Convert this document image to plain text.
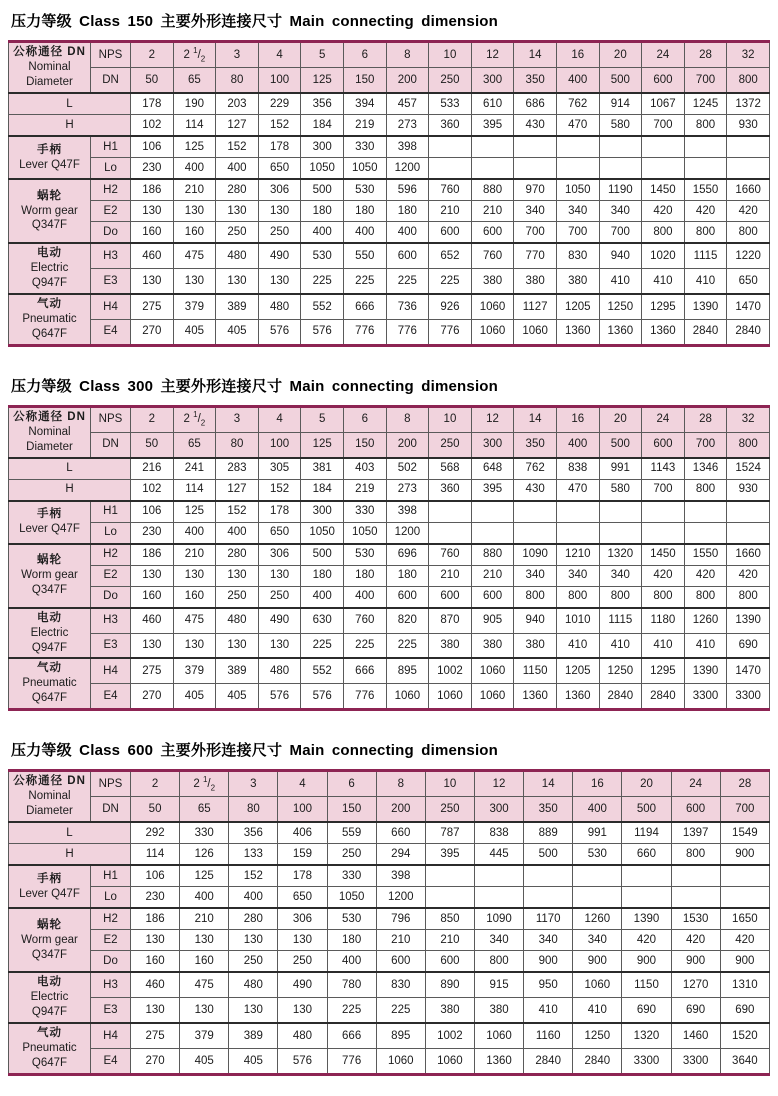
压力等级 Class 150 主要外形连接尺寸 Main connecting dimension
公称通径 DN
Nominal
Diameter	NPS	2	2 $^1/_2$	3	4	5	6	8	10	12	14	16	20	24	28	32
	DN	50	65	80	100	125	150	200	250	300	350	400	500	600	700	800
L		178	190	203	229	356	394	457	533	610	686	762	914	1067	1245	1372
H		102	114	127	152	184	219	273	360	395	430	470	580	700	800	930
手柄
Lever Q47F	H1	106	125	152	178	300	330	398								
	Lo	230	400	400	650	1050	1050	1200								
蜗轮
Worm gear
Q347F	H2	186	210	280	306	500	530	596	760	880	970	1050	1190	1450	1550	1660
	E2	130	130	130	130	180	180	180	210	210	340	340	340	420	420	420
	Do	160	160	250	250	400	400	400	600	600	700	700	700	800	800	800
电动
Electric
Q947F	H3	460	475	480	490	530	550	600	652	760	770	830	940	1020	1115	1220
	E3	130	130	130	130	225	225	225	225	380	380	380	410	410	410	650
气动
Pneumatic
Q647F	H4	275	379	389	480	552	666	736	926	1060	1127	1205	1250	1295	1390	1470
	E4	270	405	405	576	576	776	776	776	1060	1060	1360	1360	1360	2840	2840
压力等级 Class 300 主要外形连接尺寸 Main connecting dimension
公称通径 DN
Nominal
Diameter	NPS	2	2 $^1/_2$	3	4	5	6	8	10	12	14	16	20	24	28	32
	DN	50	65	80	100	125	150	200	250	300	350	400	500	600	700	800
L		216	241	283	305	381	403	502	568	648	762	838	991	1143	1346	1524
H		102	114	127	152	184	219	273	360	395	430	470	580	700	800	930
手柄
Lever Q47F	H1	106	125	152	178	300	330	398								
	Lo	230	400	400	650	1050	1050	1200								
蜗轮
Worm gear
Q347F	H2	186	210	280	306	500	530	696	760	880	1090	1210	1320	1450	1550	1660
	E2	130	130	130	130	180	180	180	210	210	340	340	340	420	420	420
	Do	160	160	250	250	400	400	600	600	600	800	800	800	800	800	800
电动
Electric
Q947F	H3	460	475	480	490	630	760	820	870	905	940	1010	1115	1180	1260	1390
	E3	130	130	130	130	225	225	225	380	380	380	410	410	410	410	690
气动
Pneumatic
Q647F	H4	275	379	389	480	552	666	895	1002	1060	1150	1205	1250	1295	1390	1470
	E4	270	405	405	576	576	776	1060	1060	1060	1360	1360	2840	2840	3300	3300
压力等级 Class 600 主要外形连接尺寸 Main connecting dimension
公称通径 DN
Nominal
Diameter	NPS	2	2 $^1/_2$	3	4	6	8	10	12	14	16	20	24	28
	DN	50	65	80	100	150	200	250	300	350	400	500	600	700
L		292	330	356	406	559	660	787	838	889	991	1194	1397	1549
H		114	126	133	159	250	294	395	445	500	530	660	800	900
手柄
Lever Q47F	H1	106	125	152	178	330	398							
	Lo	230	400	400	650	1050	1200							
蜗轮
Worm gear
Q347F	H2	186	210	280	306	530	796	850	1090	1170	1260	1390	1530	1650
	E2	130	130	130	130	180	210	210	340	340	340	420	420	420
	Do	160	160	250	250	400	600	600	800	900	900	900	900	900
电动
Electric
Q947F	H3	460	475	480	490	780	830	890	915	950	1060	1150	1270	1310
	E3	130	130	130	130	225	225	380	380	410	410	690	690	690
气动
Pneumatic
Q647F	H4	275	379	389	480	666	895	1002	1060	1160	1250	1320	1460	1520
	E4	270	405	405	576	776	1060	1060	1360	2840	2840	3300	3300	3640
